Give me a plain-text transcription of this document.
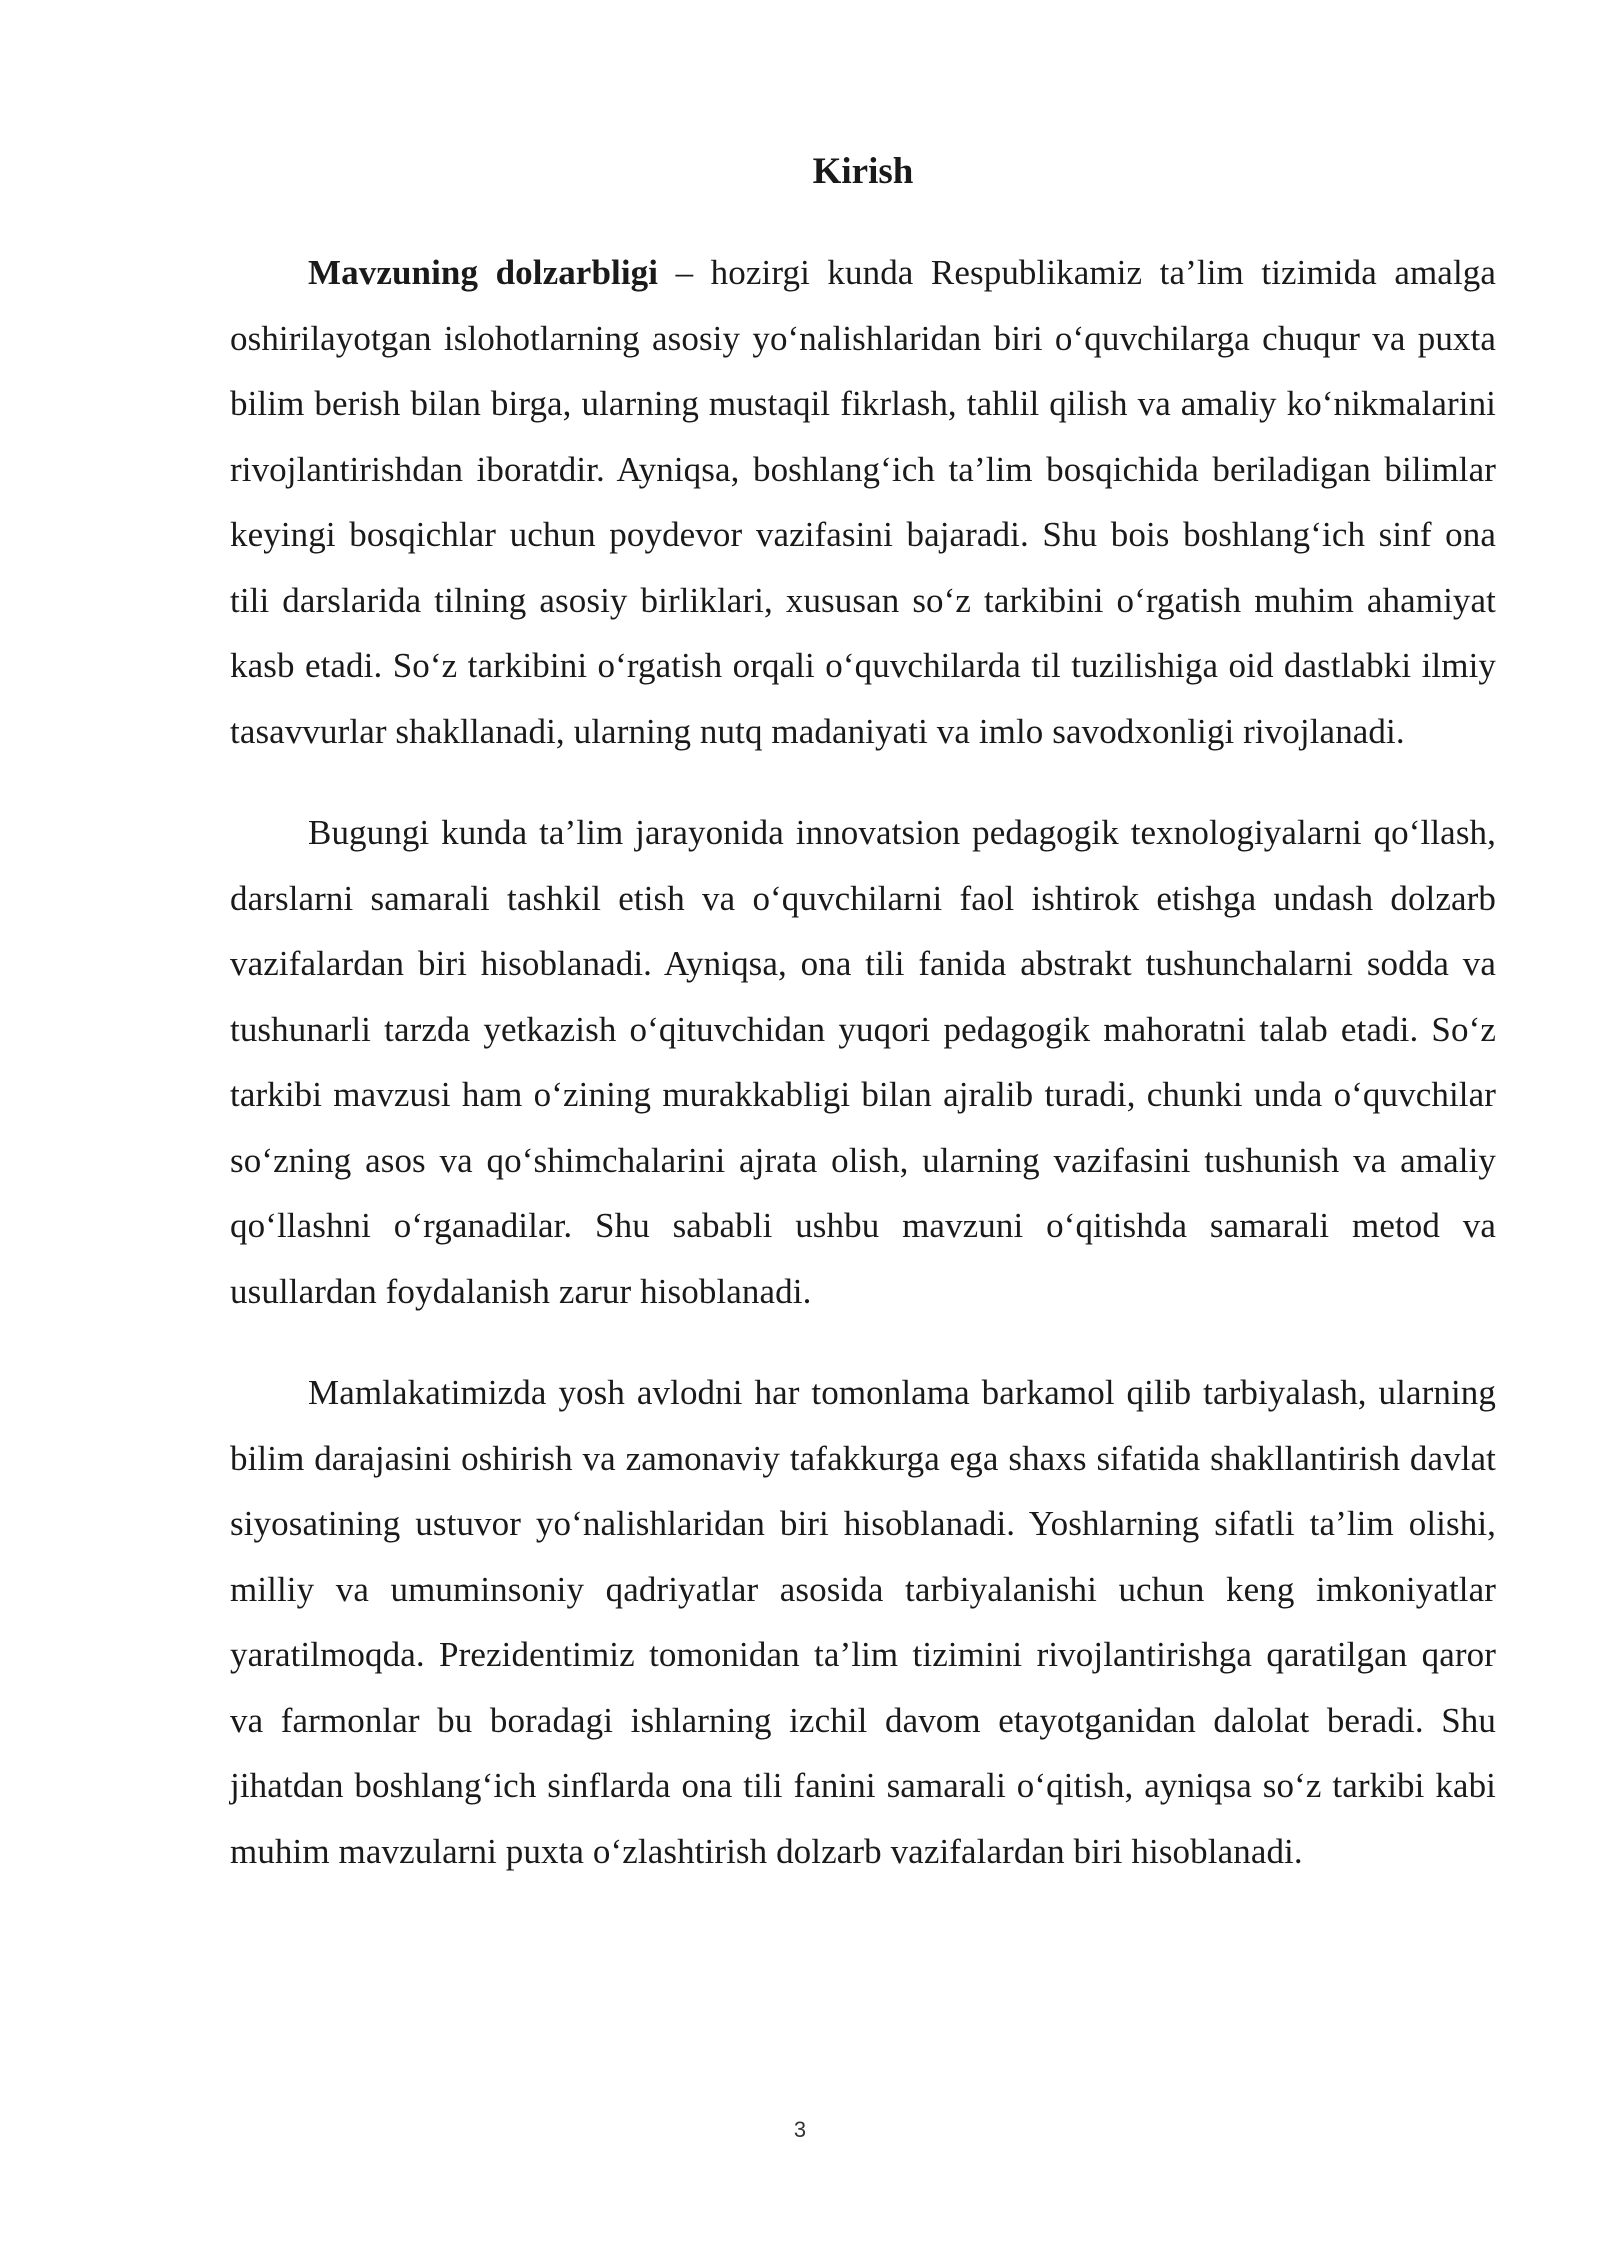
Kirish

Mavzuning dolzarbligi – hozirgi kunda Respublikamiz ta’lim tizimida amalga oshirilayotgan islohotlarning asosiy yo‘nalishlaridan biri o‘quvchilarga chuqur va puxta bilim berish bilan birga, ularning mustaqil fikrlash, tahlil qilish va amaliy ko‘nikmalarini rivojlantirishdan iboratdir. Ayniqsa, boshlang‘ich ta’lim bosqichida beriladigan bilimlar keyingi bosqichlar uchun poydevor vazifasini bajaradi. Shu bois boshlang‘ich sinf ona tili darslarida tilning asosiy birliklari, xususan so‘z tarkibini o‘rgatish muhim ahamiyat kasb etadi. So‘z tarkibini o‘rgatish orqali o‘quvchilarda til tuzilishiga oid dastlabki ilmiy tasavvurlar shakllanadi, ularning nutq madaniyati va imlo savodxonligi rivojlanadi.

Bugungi kunda ta’lim jarayonida innovatsion pedagogik texnologiyalarni qo‘llash, darslarni samarali tashkil etish va o‘quvchilarni faol ishtirok etishga undash dolzarb vazifalardan biri hisoblanadi. Ayniqsa, ona tili fanida abstrakt tushunchalarni sodda va tushunarli tarzda yetkazish o‘qituvchidan yuqori pedagogik mahoratni talab etadi. So‘z tarkibi mavzusi ham o‘zining murakkabligi bilan ajralib turadi, chunki unda o‘quvchilar so‘zning asos va qo‘shimchalarini ajrata olish, ularning vazifasini tushunish va amaliy qo‘llashni o‘rganadilar. Shu sababli ushbu mavzuni o‘qitishda samarali metod va usullardan foydalanish zarur hisoblanadi.

Mamlakatimizda yosh avlodni har tomonlama barkamol qilib tarbiyalash, ularning bilim darajasini oshirish va zamonaviy tafakkurga ega shaxs sifatida shakllantirish davlat siyosatining ustuvor yo‘nalishlaridan biri hisoblanadi. Yoshlarning sifatli ta’lim olishi, milliy va umuminsoniy qadriyatlar asosida tarbiyalanishi uchun keng imkoniyatlar yaratilmoqda. Prezidentimiz tomonidan ta’lim tizimini rivojlantirishga qaratilgan qaror va farmonlar bu boradagi ishlarning izchil davom etayotganidan dalolat beradi. Shu jihatdan boshlang‘ich sinflarda ona tili fanini samarali o‘qitish, ayniqsa so‘z tarkibi kabi muhim mavzularni puxta o‘zlashtirish dolzarb vazifalardan biri hisoblanadi.

3
